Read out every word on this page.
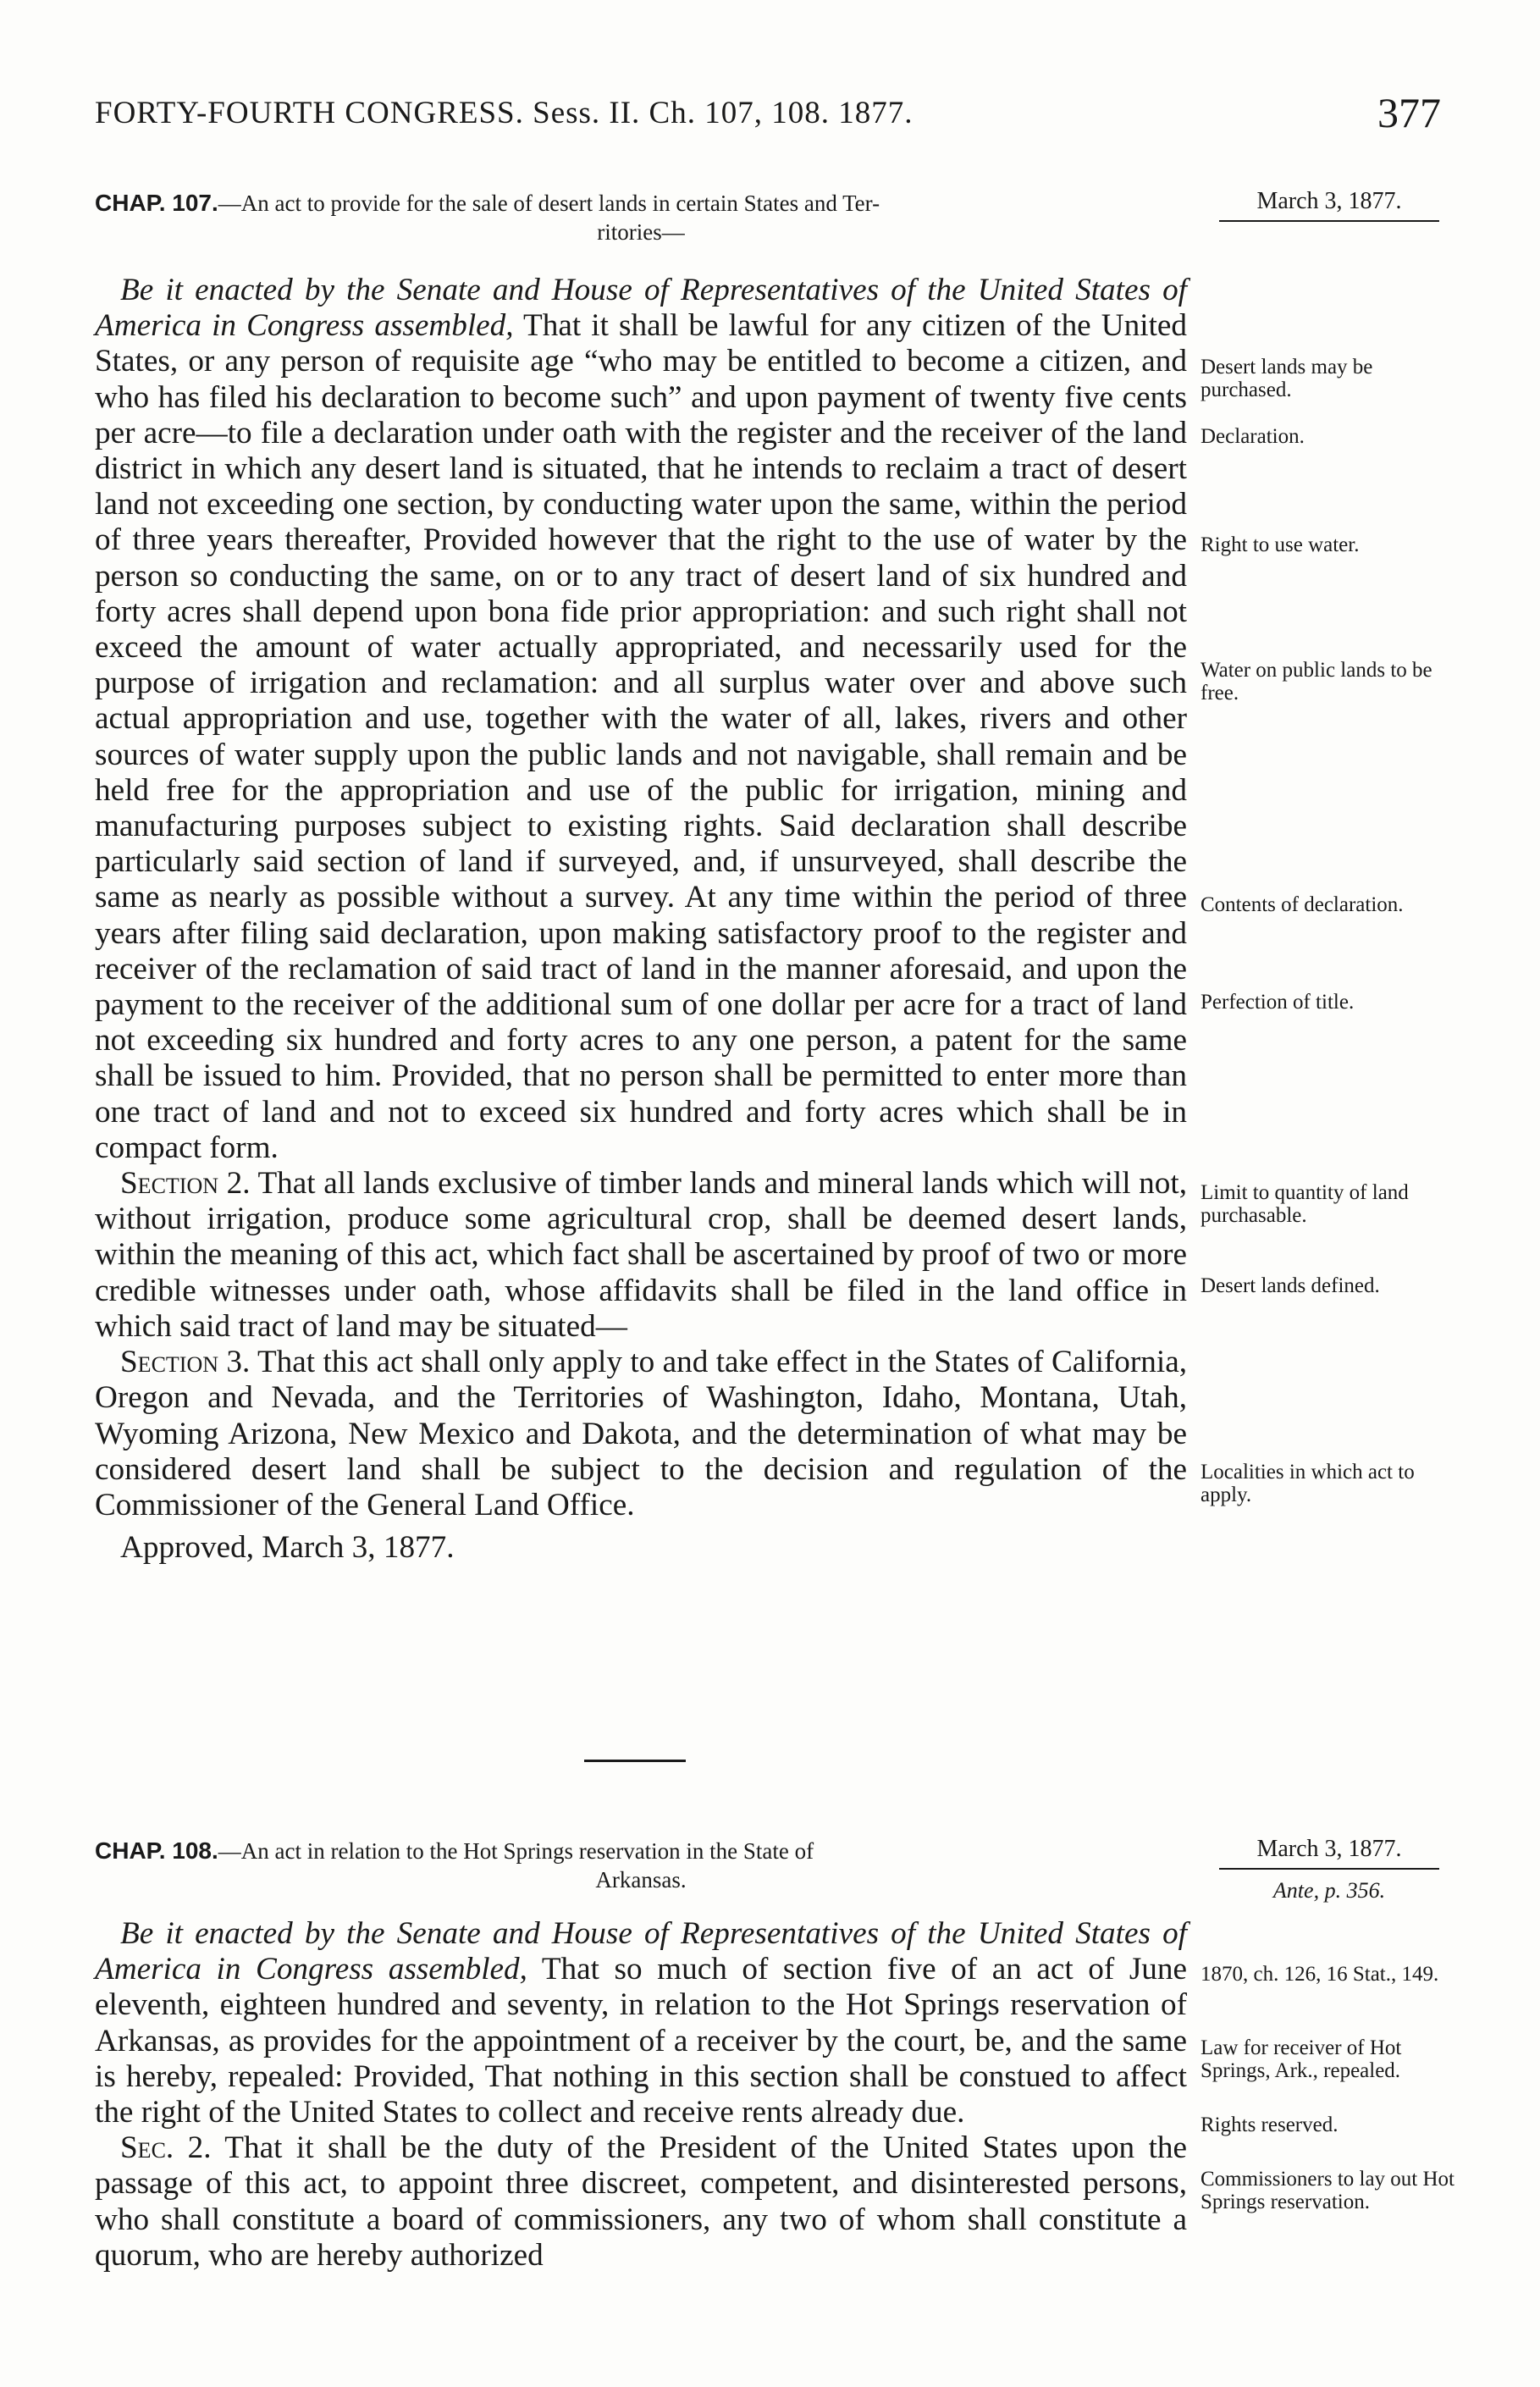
FORTY-FOURTH CONGRESS. Sess. II. Ch. 107, 108. 1877.	377
CHAP. 107.—An act to provide for the sale of desert lands in certain States and Ter-
ritories—
March 3, 1877.

Be it enacted by the Senate and House of Representatives of the United States of America in Congress assembled, That it shall be lawful for any citizen of the United States, or any person of requisite age “who may be entitled to become a citizen, and who has filed his declaration to become such” and upon payment of twenty five cents per acre—to file a declaration under oath with the register and the receiver of the land district in which any desert land is situated, that he intends to reclaim a tract of desert land not exceeding one section, by conducting water upon the same, within the period of three years thereafter, Provided however that the right to the use of water by the person so conducting the same, on or to any tract of desert land of six hundred and forty acres shall depend upon bona fide prior appropriation: and such right shall not exceed the amount of water actually appropriated, and necessarily used for the purpose of irrigation and reclamation: and all surplus water over and above such actual appropriation and use, together with the water of all, lakes, rivers and other sources of water supply upon the public lands and not navigable, shall remain and be held free for the appropriation and use of the public for irrigation, mining and manufacturing purposes subject to existing rights. Said declaration shall describe particularly said section of land if surveyed, and, if unsurveyed, shall describe the same as nearly as possible without a survey. At any time within the period of three years after filing said declaration, upon making satisfactory proof to the register and receiver of the reclamation of said tract of land in the manner aforesaid, and upon the payment to the receiver of the additional sum of one dollar per acre for a tract of land not exceeding six hundred and forty acres to any one person, a patent for the same shall be issued to him. Provided, that no person shall be permitted to enter more than one tract of land and not to exceed six hundred and forty acres which shall be in compact form.

Section 2. That all lands exclusive of timber lands and mineral lands which will not, without irrigation, produce some agricultural crop, shall be deemed desert lands, within the meaning of this act, which fact shall be ascertained by proof of two or more credible witnesses under oath, whose affidavits shall be filed in the land office in which said tract of land may be situated—

Section 3. That this act shall only apply to and take effect in the States of California, Oregon and Nevada, and the Territories of Washington, Idaho, Montana, Utah, Wyoming Arizona, New Mexico and Dakota, and the determination of what may be considered desert land shall be subject to the decision and regulation of the Commissioner of the General Land Office.

Approved, March 3, 1877.

Desert lands may be purchased.
Declaration.
Right to use water.
Water on public lands to be free.
Contents of declaration.
Perfection of title.
Limit to quantity of land purchasable.
Desert lands defined.
Localities in which act to apply.
CHAP. 108.—An act in relation to the Hot Springs reservation in the State of
Arkansas.
March 3, 1877.
Ante, p. 356.

Be it enacted by the Senate and House of Representatives of the United States of America in Congress assembled, That so much of section five of an act of June eleventh, eighteen hundred and seventy, in relation to the Hot Springs reservation of Arkansas, as provides for the appointment of a receiver by the court, be, and the same is hereby, repealed: Provided, That nothing in this section shall be constued to affect the right of the United States to collect and receive rents already due.

Sec. 2. That it shall be the duty of the President of the United States upon the passage of this act, to appoint three discreet, competent, and disinterested persons, who shall constitute a board of commissioners, any two of whom shall constitute a quorum, who are hereby authorized

1870, ch. 126, 16 Stat., 149.
Law for receiver of Hot Springs, Ark., repealed.
Rights reserved.
Commissioners to lay out Hot Springs reservation.
